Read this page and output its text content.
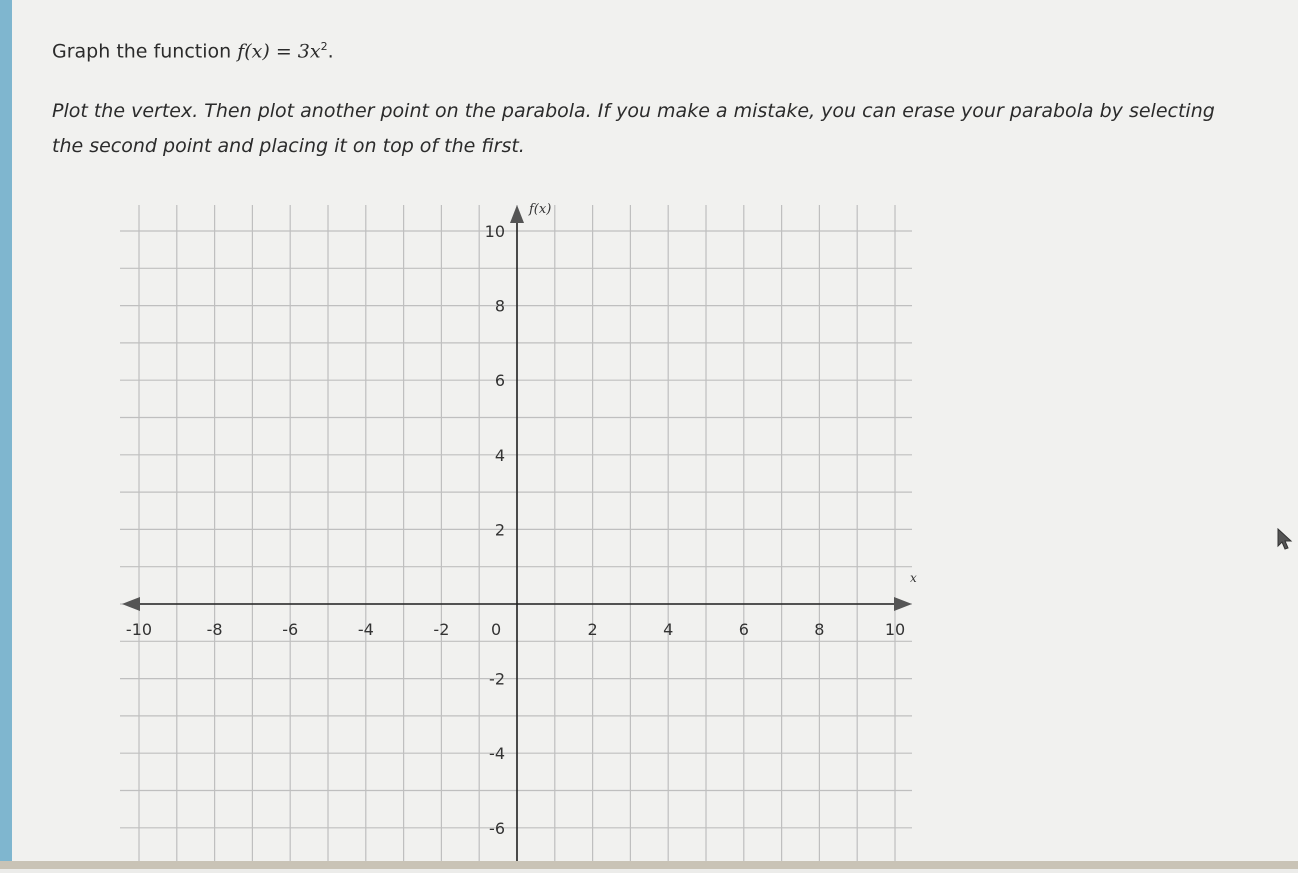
Graph the function $f(x) = 3x^2$.
Plot the vertex. Then plot another point on the parabola. If you make a mistake, you can erase your parabola by selecting the second point and placing it on top of the first.
x
f(x)
-10	-8	-6	-4	-2	0	2	4	6	8	10
10
8
6
4
2
-2
-4
-6
